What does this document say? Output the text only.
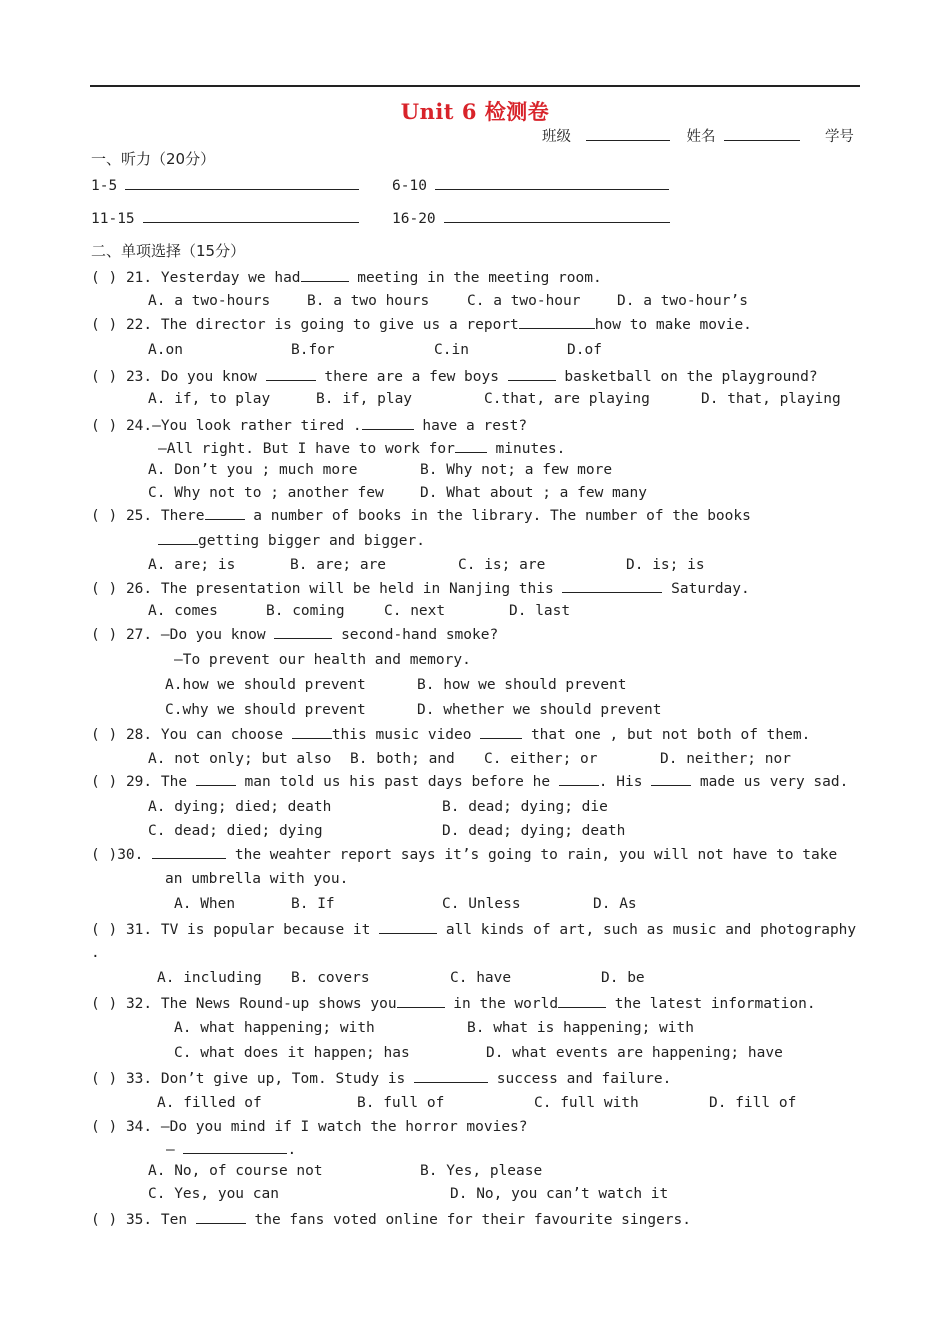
Unit 6 检测卷
班级	姓名	学号
一、听力（20分）
1-5	6-10
11-15	16-20
二、单项选择（15分）
( ) 21. Yesterday we had	meeting in the meeting room.
A. a two-hours	B. a two hours	C. a two-hour	D. a two-hour’s
( ) 22. The director is going to give us a report	how to make movie.
A.on	B.for	C.in	D.of
( ) 23. Do you know	there are a few boys	basketball on the playground?
A. if, to play	B. if, play	C.that, are playing	D. that, playing
( ) 24.—You look rather tired .	have a rest?
—All right. But I have to work for minutes.
A. Don’t you ; much more	B. Why not; a few more
C. Why not to ; another few	D. What about ; a few many
( ) 25. There	a number of books in the library. The number of the books
getting bigger and bigger.
A. are; is	B. are; are	C. is; are	D. is; is
( ) 26. The presentation will be held in Nanjing this	Saturday.
A. comes	B. coming	C. next	D. last
( ) 27. —Do you know	second-hand smoke?
—To prevent our health and memory.
A.how we should prevent	B. how we should prevent
C.why we should prevent	D. whether we should prevent
( ) 28. You can choose	this music video	that one , but not both of them.
A. not only; but also B. both; and C. either; or	D. neither; nor
( ) 29. The	man told us his past days before he	. His	made us very sad.
A. dying; died; death	B. dead; dying; die
C. dead; died; dying	D. dead; dying; death
( )30.	the weahter report says it’s going to rain, you will not have to take
an umbrella with you.
A. When	B. If	C. Unless	D. As
( ) 31. TV is popular because it	all kinds of art, such as music and photography
.
A. including B. covers	C. have	D. be
( ) 32. The News Round-up shows you	in the world	the latest information.
A. what happening; with	B. what is happening; with
C. what does it happen; has	D. what events are happening; have
( ) 33. Don’t give up, Tom. Study is	success and failure.
A. filled of	B. full of	C. full with	D. fill of
( ) 34. —Do you mind if I watch the horror movies?
—	.
A. No, of course not	B. Yes, please
C. Yes, you can	D. No, you can’t watch it
( ) 35. Ten	the fans voted online for their favourite singers.
